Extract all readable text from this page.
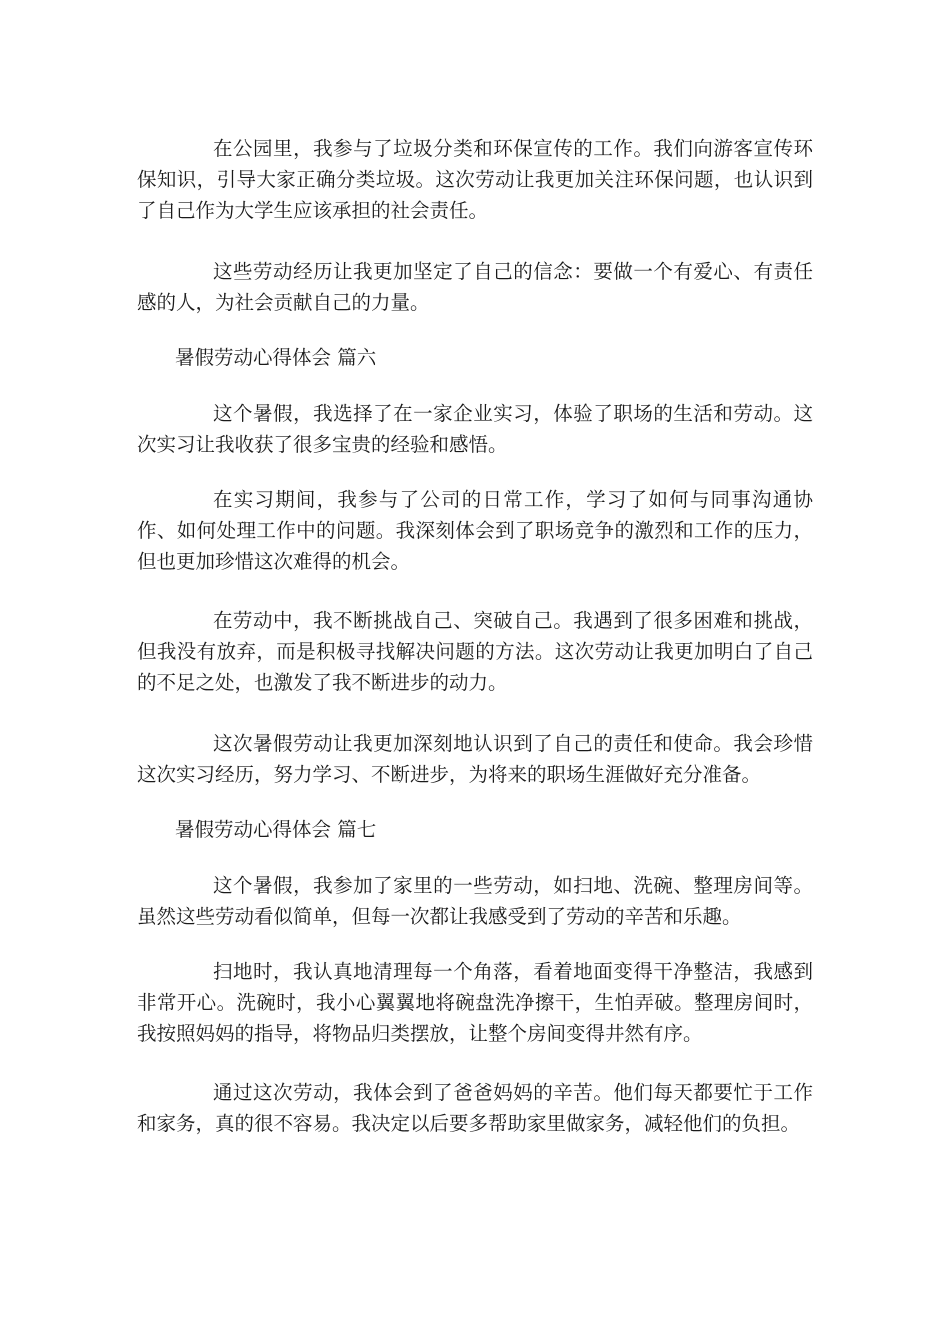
在公园里，我参与了垃圾分类和环保宣传的工作。我们向游客宣传环保知识，引导大家正确分类垃圾。这次劳动让我更加关注环保问题，也认识到了自己作为大学生应该承担的社会责任。

这些劳动经历让我更加坚定了自己的信念：要做一个有爱心、有责任感的人，为社会贡献自己的力量。

暑假劳动心得体会 篇六

这个暑假，我选择了在一家企业实习，体验了职场的生活和劳动。这次实习让我收获了很多宝贵的经验和感悟。

在实习期间，我参与了公司的日常工作，学习了如何与同事沟通协作、如何处理工作中的问题。我深刻体会到了职场竞争的激烈和工作的压力，但也更加珍惜这次难得的机会。

在劳动中，我不断挑战自己、突破自己。我遇到了很多困难和挑战，但我没有放弃，而是积极寻找解决问题的方法。这次劳动让我更加明白了自己的不足之处，也激发了我不断进步的动力。

这次暑假劳动让我更加深刻地认识到了自己的责任和使命。我会珍惜这次实习经历，努力学习、不断进步，为将来的职场生涯做好充分准备。

暑假劳动心得体会 篇七

这个暑假，我参加了家里的一些劳动，如扫地、洗碗、整理房间等。虽然这些劳动看似简单，但每一次都让我感受到了劳动的辛苦和乐趣。

扫地时，我认真地清理每一个角落，看着地面变得干净整洁，我感到非常开心。洗碗时，我小心翼翼地将碗盘洗净擦干，生怕弄破。整理房间时，我按照妈妈的指导，将物品归类摆放，让整个房间变得井然有序。

通过这次劳动，我体会到了爸爸妈妈的辛苦。他们每天都要忙于工作和家务，真的很不容易。我决定以后要多帮助家里做家务，减轻他们的负担。
